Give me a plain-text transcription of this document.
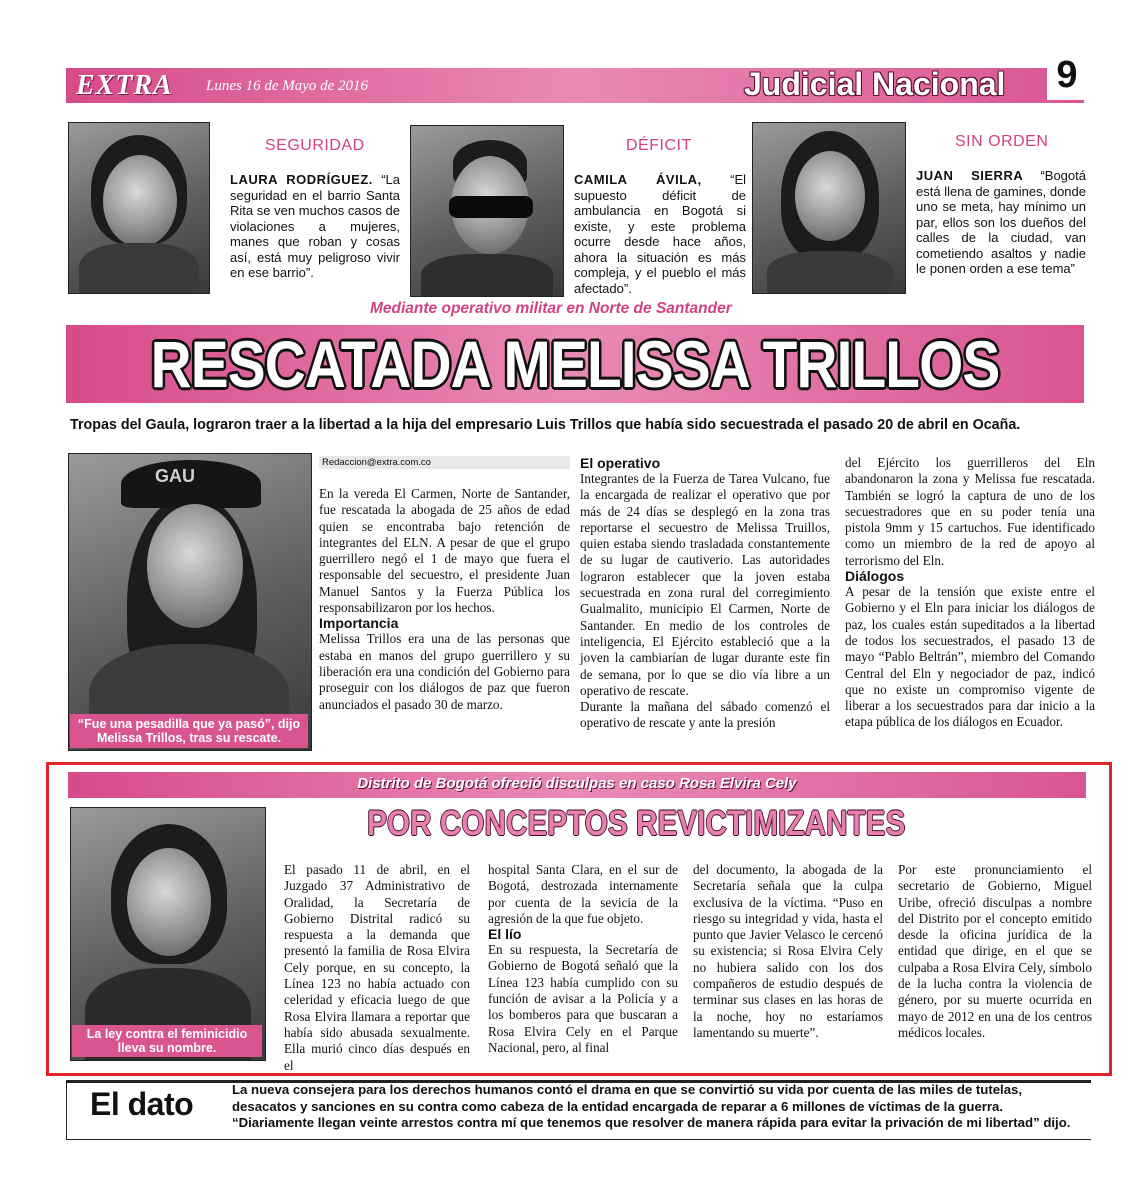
EXTRA Lunes 16 de Mayo de 2016	Judicial Nacional 9
SEGURIDAD
LAURA RODRÍGUEZ. “La seguridad en el barrio Santa Rita se ven muchos casos de violaciones a mujeres, manes que roban y cosas así, está muy peligroso vivir en ese barrio”.
DÉFICIT
CAMILA ÁVILA, “El supuesto déficit de ambulancia en Bogotá si existe, y este problema ocurre desde hace años, ahora la situación es más compleja, y el pueblo el más afectado”.
SIN ORDEN
JUAN SIERRA “Bogotá está llena de gamines, donde uno se meta, hay mínimo un par, ellos son los dueños del calles de la ciudad, van cometiendo asaltos y nadie le ponen orden a ese tema”
Mediante operativo militar en Norte de Santander
RESCATADA MELISSA TRILLOS
Tropas del Gaula, lograron traer a la libertad a la hija del empresario Luis Trillos que había sido secuestrada el pasado 20 de abril en Ocaña.
GAU
“Fue una pesadilla que ya pasó”, dijo Melissa Trillos, tras su rescate.
Redaccion@extra.com.co

En la vereda El Carmen, Norte de Santander, fue rescatada la abogada de 25 años de edad quien se encontraba bajo retención de integrantes del ELN. A pesar de que el grupo guerrillero negó el 1 de mayo que fuera el responsable del secuestro, el presidente Juan Manuel Santos y la Fuerza Pública los responsabilizaron por los hechos.

Importancia

Melissa Trillos era una de las personas que estaba en manos del grupo guerrillero y su liberación era una condición del Gobierno para proseguir con los diálogos de paz que fueron anunciados el pasado 30 de marzo.

El operativo

Integrantes de la Fuerza de Tarea Vulcano, fue la encargada de realizar el operativo que por más de 24 días se desplegó en la zona tras reportarse el secuestro de Melissa Truillos, quien estaba siendo trasladada constantemente de su lugar de cautiverio. Las autoridades lograron establecer que la joven estaba secuestrada en zona rural del corregimiento Gualmalito, municipio El Carmen, Norte de Santander. En medio de los controles de inteligencia, El Ejército estableció que a la joven la cambiarían de lugar durante este fin de semana, por lo que se dio vía libre a un operativo de rescate.

Durante la mañana del sábado comenzó el operativo de rescate y ante la presión

del Ejército los guerrilleros del Eln abandonaron la zona y Melissa fue rescatada. También se logró la captura de uno de los secuestradores que en su poder tenía una pistola 9mm y 15 cartuchos. Fue identificado como un miembro de la red de apoyo al terrorismo del Eln.

Diálogos

A pesar de la tensión que existe entre el Gobierno y el Eln para iniciar los diálogos de paz, los cuales están supeditados a la libertad de todos los secuestrados, el pasado 13 de mayo “Pablo Beltrán”, miembro del Comando Central del Eln y negociador de paz, indicó que no existe un compromiso vigente de liberar a los secuestrados para dar inicio a la etapa pública de los diálogos en Ecuador.

Distrito de Bogotá ofreció disculpas en caso Rosa Elvira Cely
POR CONCEPTOS REVICTIMIZANTES
La ley contra el feminicidio lleva su nombre.

El pasado 11 de abril, en el Juzgado 37 Administrativo de Oralidad, la Secretaría de Gobierno Distrital radicó su respuesta a la demanda que presentó la familia de Rosa Elvira Cely porque, en su concepto, la Línea 123 no había actuado con celeridad y eficacia luego de que Rosa Elvira llamara a reportar que había sido abusada sexualmente. Ella murió cinco días después en el

hospital Santa Clara, en el sur de Bogotá, destrozada internamente por cuenta de la sevicia de la agresión de la que fue objeto.

El lío

En su respuesta, la Secretaría de Gobierno de Bogotá señaló que la Línea 123 había cumplido con su función de avisar a la Policía y a los bomberos para que buscaran a Rosa Elvira Cely en el Parque Nacional, pero, al final

del documento, la abogada de la Secretaría señala que la culpa exclusiva de la víctima. “Puso en riesgo su integridad y vida, hasta el punto que Javier Velasco le cercenó su existencia; si Rosa Elvira Cely no hubiera salido con los dos compañeros de estudio después de terminar sus clases en las horas de la noche, hoy no estaríamos lamentando su muerte”.

Por este pronunciamiento el secretario de Gobierno, Miguel Uribe, ofreció disculpas a nombre del Distrito por el concepto emitido desde la oficina jurídica de la entidad que dirige, en el que se culpaba a Rosa Elvira Cely, símbolo de la lucha contra la violencia de género, por su muerte ocurrida en mayo de 2012 en una de los centros médicos locales.

El dato	La nueva consejera para los derechos humanos contó el drama en que se convirtió su vida por cuenta de las miles de tutelas, desacatos y sanciones en su contra como cabeza de la entidad encargada de reparar a 6 millones de víctimas de la guerra. “Diariamente llegan veinte arrestos contra mí que tenemos que resolver de manera rápida para evitar la privación de mi libertad” dijo.
